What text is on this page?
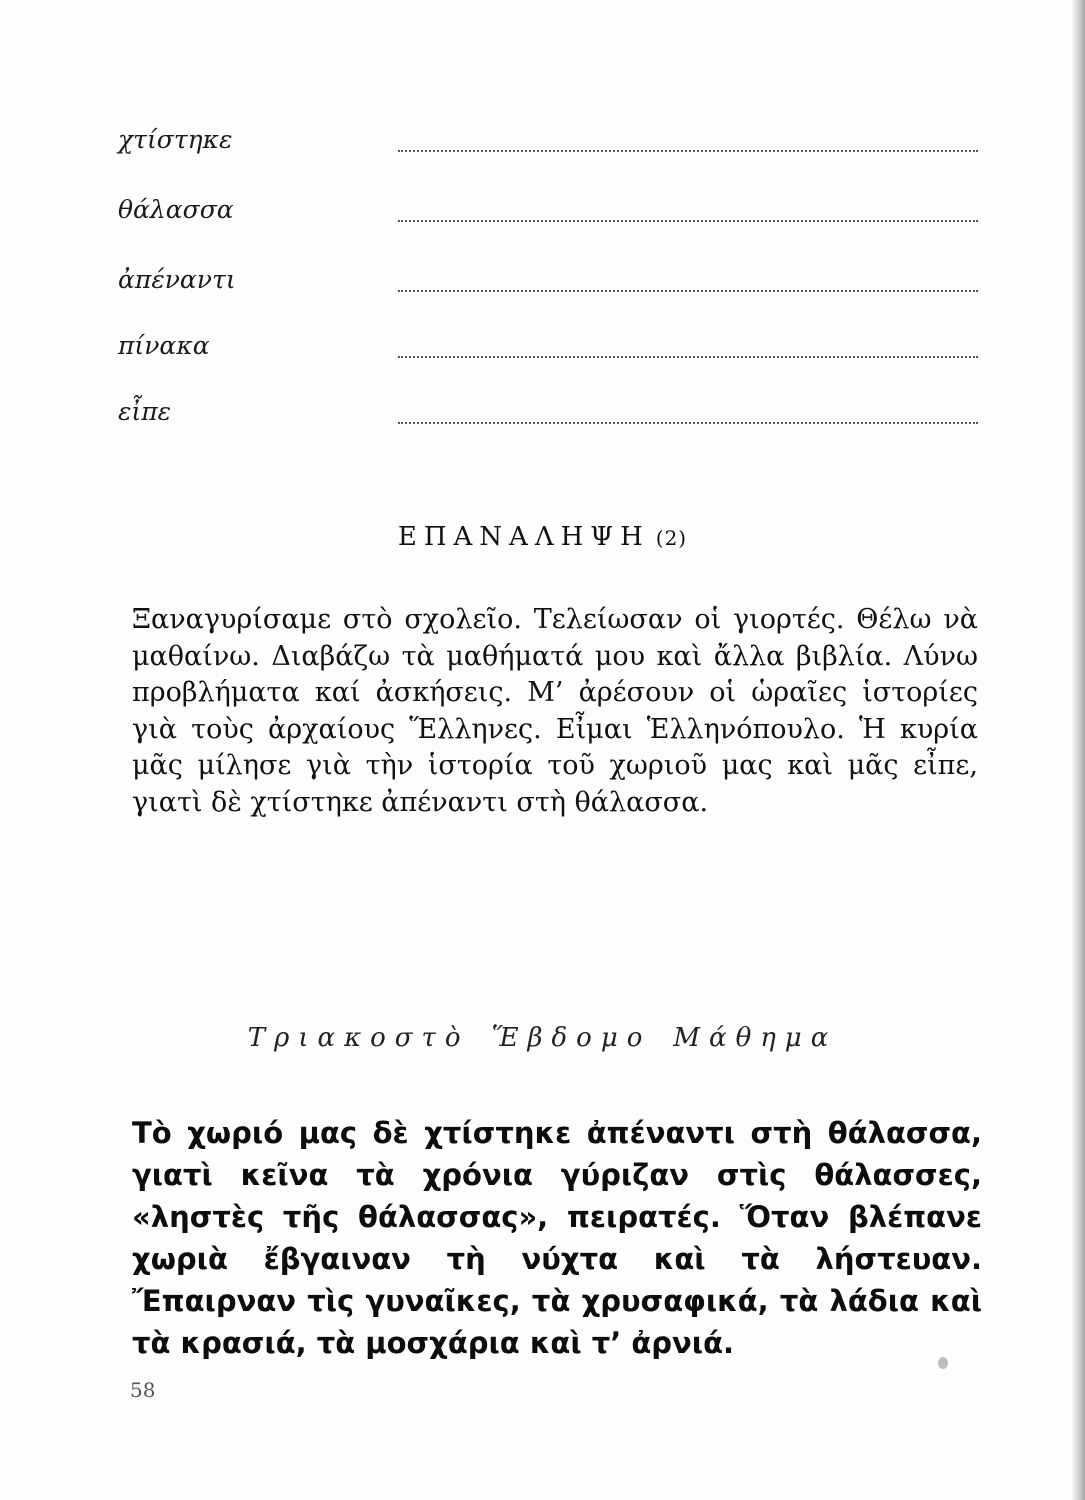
χτίστηκε
θάλασσα
ἀπέναντι
πίνακα
εἶπε
ΕΠΑΝΑΛΗΨΗ (2)
Ξαναγυρίσαμε στὸ σχολεῖο. Τελείωσαν οἱ γιορτές. Θέλω νὰ μαθαίνω. Διαβάζω τὰ μαθήματά μου καὶ ἄλλα βιβλία. Λύνω προβλήματα καί ἀσκήσεις. Μ’ ἀρέσουν οἱ ὡραῖες ἱστορίες γιὰ τοὺς ἀρχαίους Ἕλληνες. Εἶμαι Ἑλληνόπουλο. Ἡ κυρία μᾶς μίλησε γιὰ τὴν ἱστορία τοῦ χωριοῦ μας καὶ μᾶς εἶπε, γιατὶ δὲ χτίστηκε ἀπέναντι στὴ θάλασσα.
Τριακοστὸ Ἕβδομο Μάθημα
Τὸ χωριό μας δὲ χτίστηκε ἀπέναντι στὴ θάλασσα, γιατὶ κεῖνα τὰ χρόνια γύριζαν στὶς θάλασσες, «ληστὲς τῆς θάλασσας», πειρατές. Ὅταν βλέπανε χωριὰ ἔβγαιναν τὴ νύχτα καὶ τὰ λήστευαν. Ἔπαιρναν τὶς γυναῖκες, τὰ χρυσαφικά, τὰ λάδια καὶ τὰ κρασιά, τὰ μοσχάρια καὶ τ’ ἀρνιά.
58
